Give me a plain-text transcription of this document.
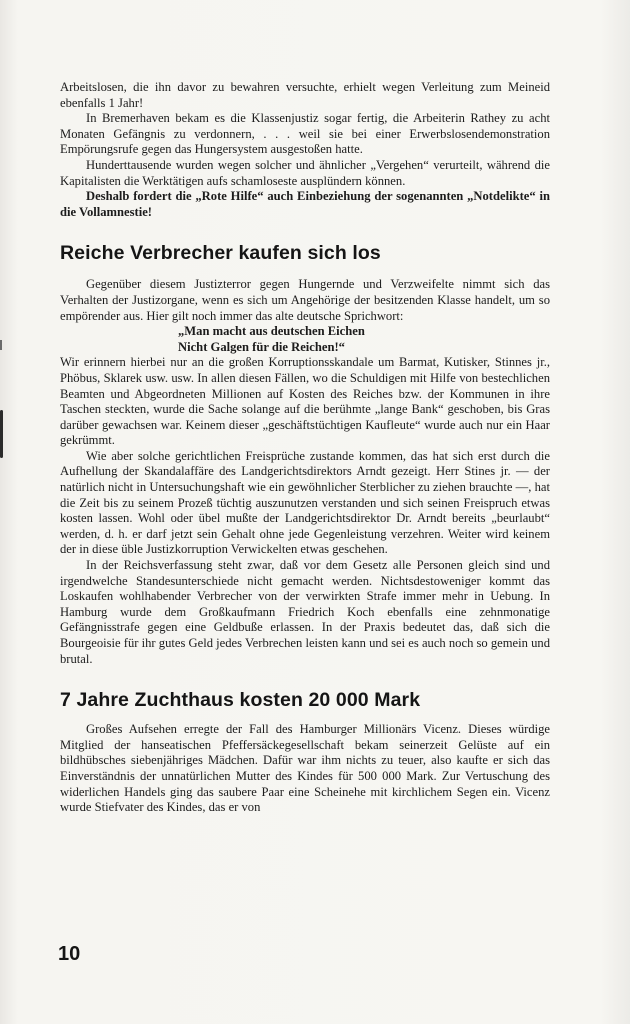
Arbeitslosen, die ihn davor zu bewahren versuchte, erhielt wegen Verleitung zum Meineid ebenfalls 1 Jahr!

In Bremerhaven bekam es die Klassenjustiz sogar fertig, die Arbeiterin Rathey zu acht Monaten Gefängnis zu verdonnern, . . . weil sie bei einer Erwerbslosendemonstration Empörungsrufe gegen das Hungersystem ausgestoßen hatte.

Hunderttausende wurden wegen solcher und ähnlicher „Vergehen“ verurteilt, während die Kapitalisten die Werktätigen aufs schamloseste ausplündern können.

Deshalb fordert die „Rote Hilfe“ auch Einbeziehung der sogenannten „Notdelikte“ in die Vollamnestie!

Reiche Verbrecher kaufen sich los

Gegenüber diesem Justizterror gegen Hungernde und Verzweifelte nimmt sich das Verhalten der Justizorgane, wenn es sich um Angehörige der besitzenden Klasse handelt, um so empörender aus. Hier gilt noch immer das alte deutsche Sprichwort:

„Man macht aus deutschen Eichen
Nicht Galgen für die Reichen!“

Wir erinnern hierbei nur an die großen Korruptionsskandale um Barmat, Kutisker, Stinnes jr., Phöbus, Sklarek usw. usw. In allen diesen Fällen, wo die Schuldigen mit Hilfe von bestechlichen Beamten und Abgeordneten Millionen auf Kosten des Reiches bzw. der Kommunen in ihre Taschen steckten, wurde die Sache solange auf die berühmte „lange Bank“ geschoben, bis Gras darüber gewachsen war. Keinem dieser „geschäftstüchtigen Kaufleute“ wurde auch nur ein Haar gekrümmt.

Wie aber solche gerichtlichen Freisprüche zustande kommen, das hat sich erst durch die Aufhellung der Skandalaffäre des Landgerichtsdirektors Arndt gezeigt. Herr Stines jr. — der natürlich nicht in Untersuchungshaft wie ein gewöhnlicher Sterblicher zu ziehen brauchte —, hat die Zeit bis zu seinem Prozeß tüchtig auszunutzen verstanden und sich seinen Freispruch etwas kosten lassen. Wohl oder übel mußte der Landgerichtsdirektor Dr. Arndt bereits „beurlaubt“ werden, d. h. er darf jetzt sein Gehalt ohne jede Gegenleistung verzehren. Weiter wird keinem der in diese üble Justizkorruption Verwickelten etwas geschehen.

In der Reichsverfassung steht zwar, daß vor dem Gesetz alle Personen gleich sind und irgendwelche Standesunterschiede nicht gemacht werden. Nichtsdestoweniger kommt das Loskaufen wohlhabender Verbrecher von der verwirkten Strafe immer mehr in Uebung. In Hamburg wurde dem Großkaufmann Friedrich Koch ebenfalls eine zehnmonatige Gefängnisstrafe gegen eine Geldbuße erlassen. In der Praxis bedeutet das, daß sich die Bourgeoisie für ihr gutes Geld jedes Verbrechen leisten kann und sei es auch noch so gemein und brutal.

7 Jahre Zuchthaus kosten 20 000 Mark

Großes Aufsehen erregte der Fall des Hamburger Millionärs Vicenz. Dieses würdige Mitglied der hanseatischen Pfeffersäckegesellschaft bekam seinerzeit Gelüste auf ein bildhübsches siebenjähriges Mädchen. Dafür war ihm nichts zu teuer, also kaufte er sich das Einverständnis der unnatürlichen Mutter des Kindes für 500 000 Mark. Zur Vertuschung des widerlichen Handels ging das saubere Paar eine Scheinehe mit kirchlichem Segen ein. Vicenz wurde Stiefvater des Kindes, das er von

10
